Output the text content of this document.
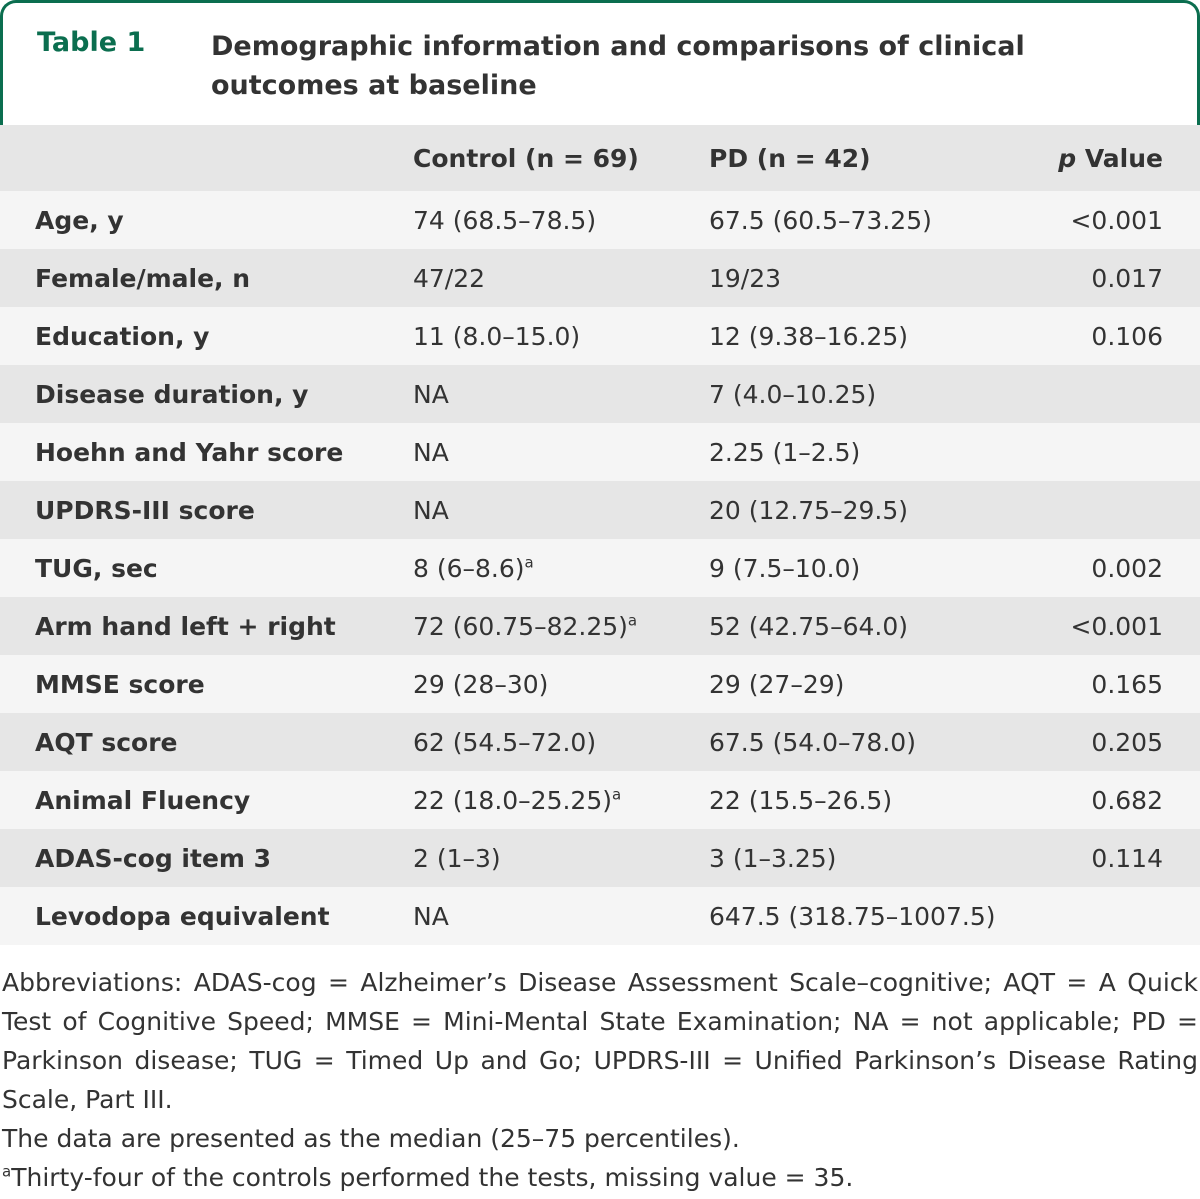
Table 1 Demographic information and comparisons of clinical outcomes at baseline
	Control (n = 69)	PD (n = 42)	p Value
Age, y	74 (68.5–78.5)	67.5 (60.5–73.25)	<0.001
Female/male, n	47/22	19/23	0.017
Education, y	11 (8.0–15.0)	12 (9.38–16.25)	0.106
Disease duration, y	NA	7 (4.0–10.25)	
Hoehn and Yahr score	NA	2.25 (1–2.5)	
UPDRS-III score	NA	20 (12.75–29.5)	
TUG, sec	8 $(6-8.6)^a$	9 (7.5–10.0)	0.002
Arm hand left + right	72 $(60.75-82.25)^a$	52 (42.75–64.0)	<0.001
MMSE score	29 (28–30)	29 (27–29)	0.165
AQT score	62 (54.5–72.0)	67.5 (54.0–78.0)	0.205
Animal Fluency	22 $(18.0-25.25)^a$	22 (15.5–26.5)	0.682
ADAS-cog item 3	2 (1–3)	3 (1–3.25)	0.114
Levodopa equivalent	NA	647.5 (318.75–1007.5)	

Abbreviations: ADAS-cog = Alzheimer’s Disease Assessment Scale–cognitive; AQT = A Quick Test of Cognitive Speed; MMSE = Mini-Mental State Examination; NA = not applicable; PD = Parkinson disease; TUG = Timed Up and Go; UPDRS-III = Unified Parkinson’s Disease Rating Scale, Part III.

The data are presented as the median (25–75 percentiles).

$^a$Thirty-four of the controls performed the tests, missing value = 35.
